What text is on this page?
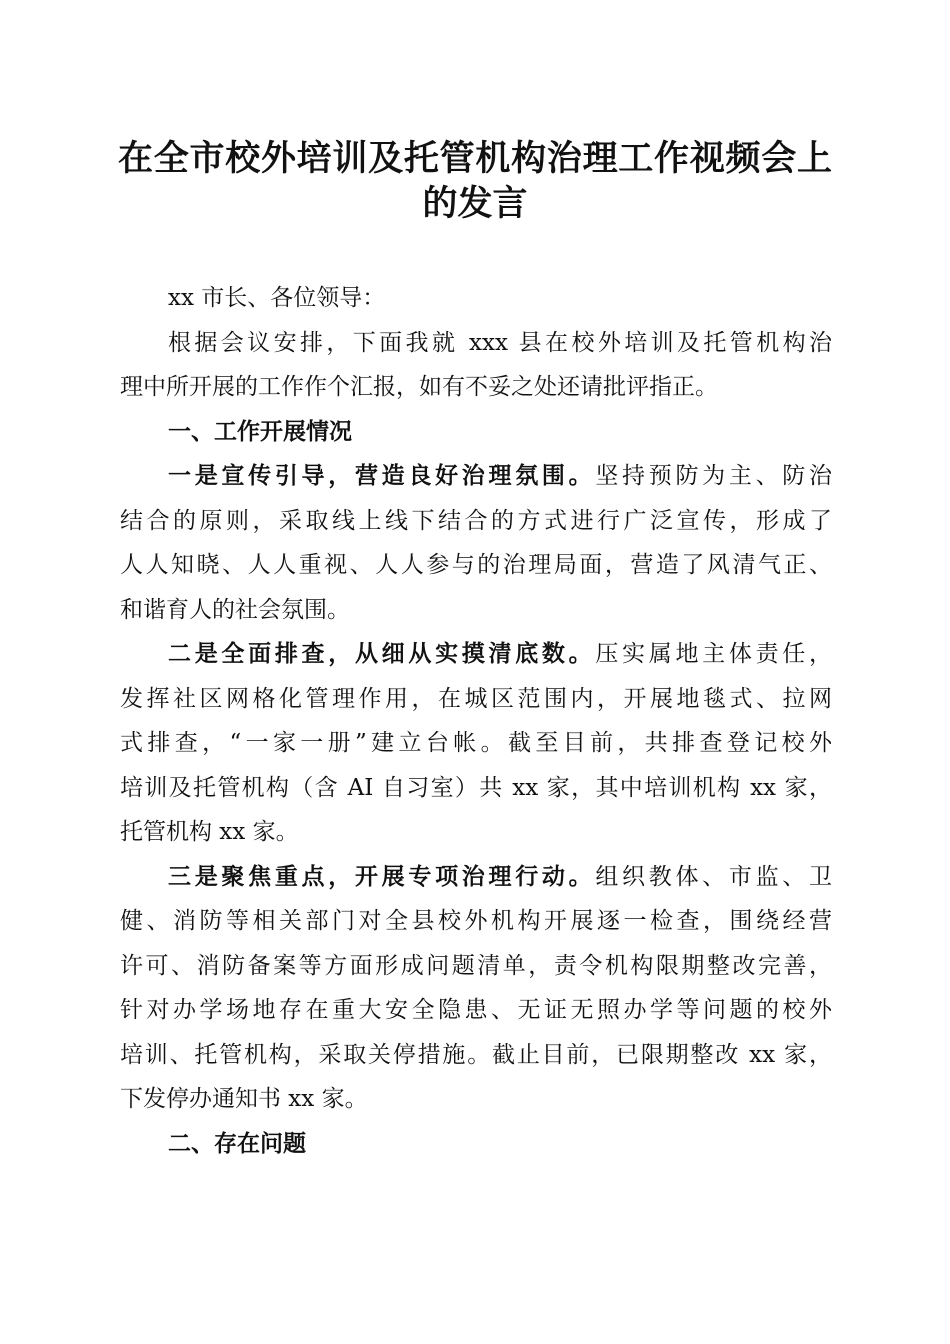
在全市校外培训及托管机构治理工作视频会上
的发言
xx 市长、各位领导：
根据会议安排，下面我就 xxx 县在校外培训及托管机构治
理中所开展的工作作个汇报，如有不妥之处还请批评指正。
一、工作开展情况
一是宣传引导，营造良好治理氛围。坚持预防为主、防治
结合的原则，采取线上线下结合的方式进行广泛宣传，形成了
人人知晓、人人重视、人人参与的治理局面，营造了风清气正、
和谐育人的社会氛围。
二是全面排查，从细从实摸清底数。压实属地主体责任，
发挥社区网格化管理作用，在城区范围内，开展地毯式、拉网
式排查，“一家一册”建立台帐。截至目前，共排查登记校外
培训及托管机构（含 AI 自习室）共 xx 家，其中培训机构 xx 家，
托管机构 xx 家。
三是聚焦重点，开展专项治理行动。组织教体、市监、卫
健、消防等相关部门对全县校外机构开展逐一检查，围绕经营
许可、消防备案等方面形成问题清单，责令机构限期整改完善，
针对办学场地存在重大安全隐患、无证无照办学等问题的校外
培训、托管机构，采取关停措施。截止目前，已限期整改 xx 家，
下发停办通知书 xx 家。
二、存在问题
